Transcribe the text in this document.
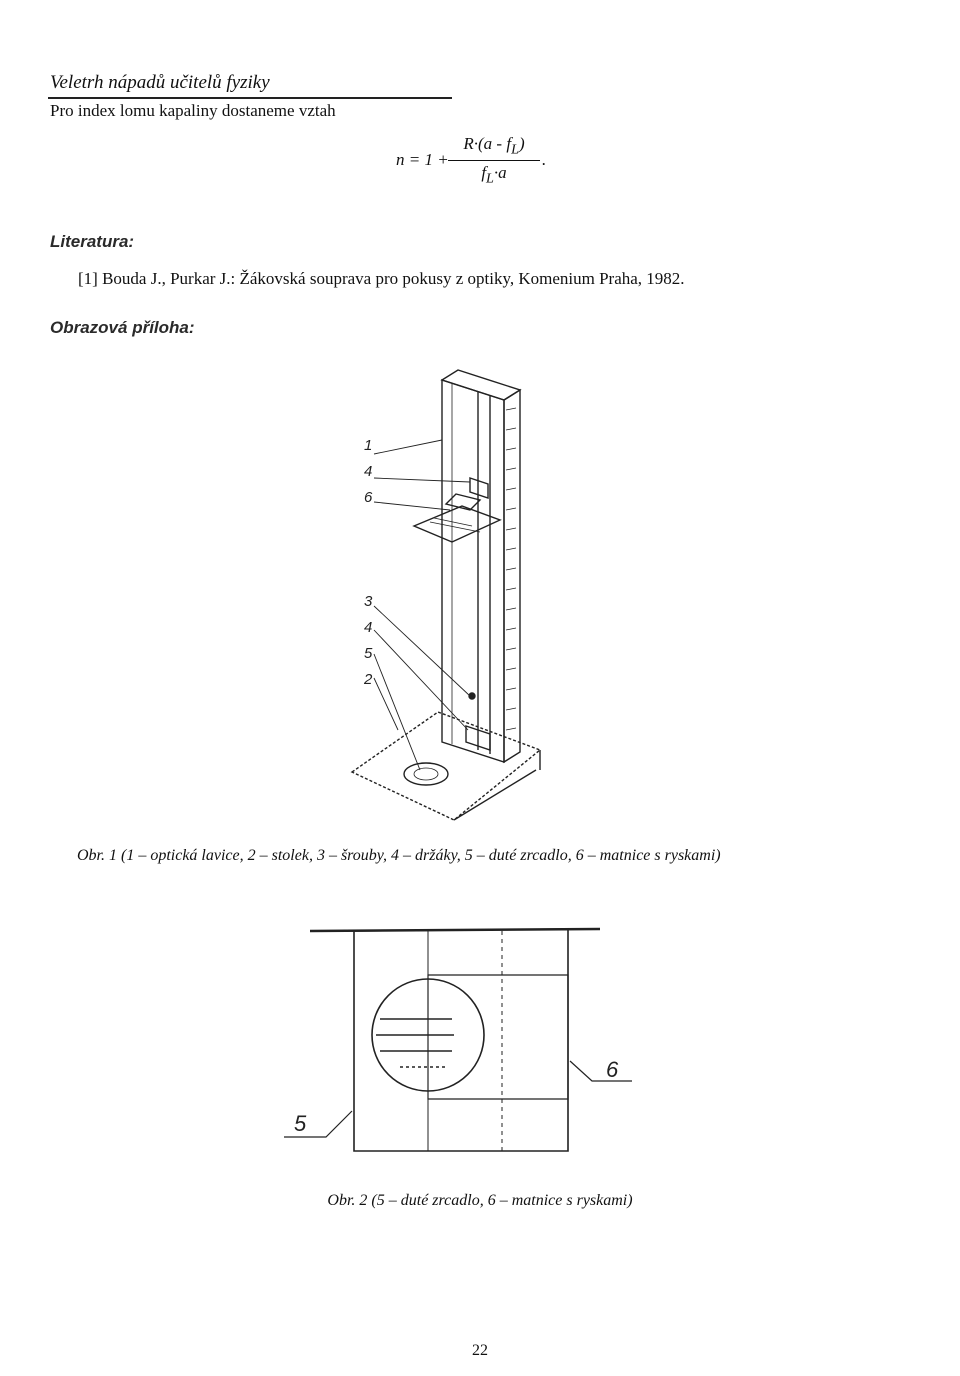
Veletrh nápadů učitelů fyziky
Pro index lomu kapaliny dostaneme vztah
$n = 1 + \frac{R\cdot(a - f_L)}{f_L\cdot a}$ .
Literatura:
[1] Bouda J., Purkar J.: Žákovská souprava pro pokusy z optiky, Komenium Praha, 1982.
Obrazová příloha:
1
4
6
3
4
5
2
Obr. 1 (1 – optická lavice, 2 – stolek, 3 – šrouby, 4 – držáky, 5 – duté zrcadlo, 6 – matnice s ryskami)
5
6
Obr. 2 (5 – duté zrcadlo, 6 – matnice s ryskami)
22
